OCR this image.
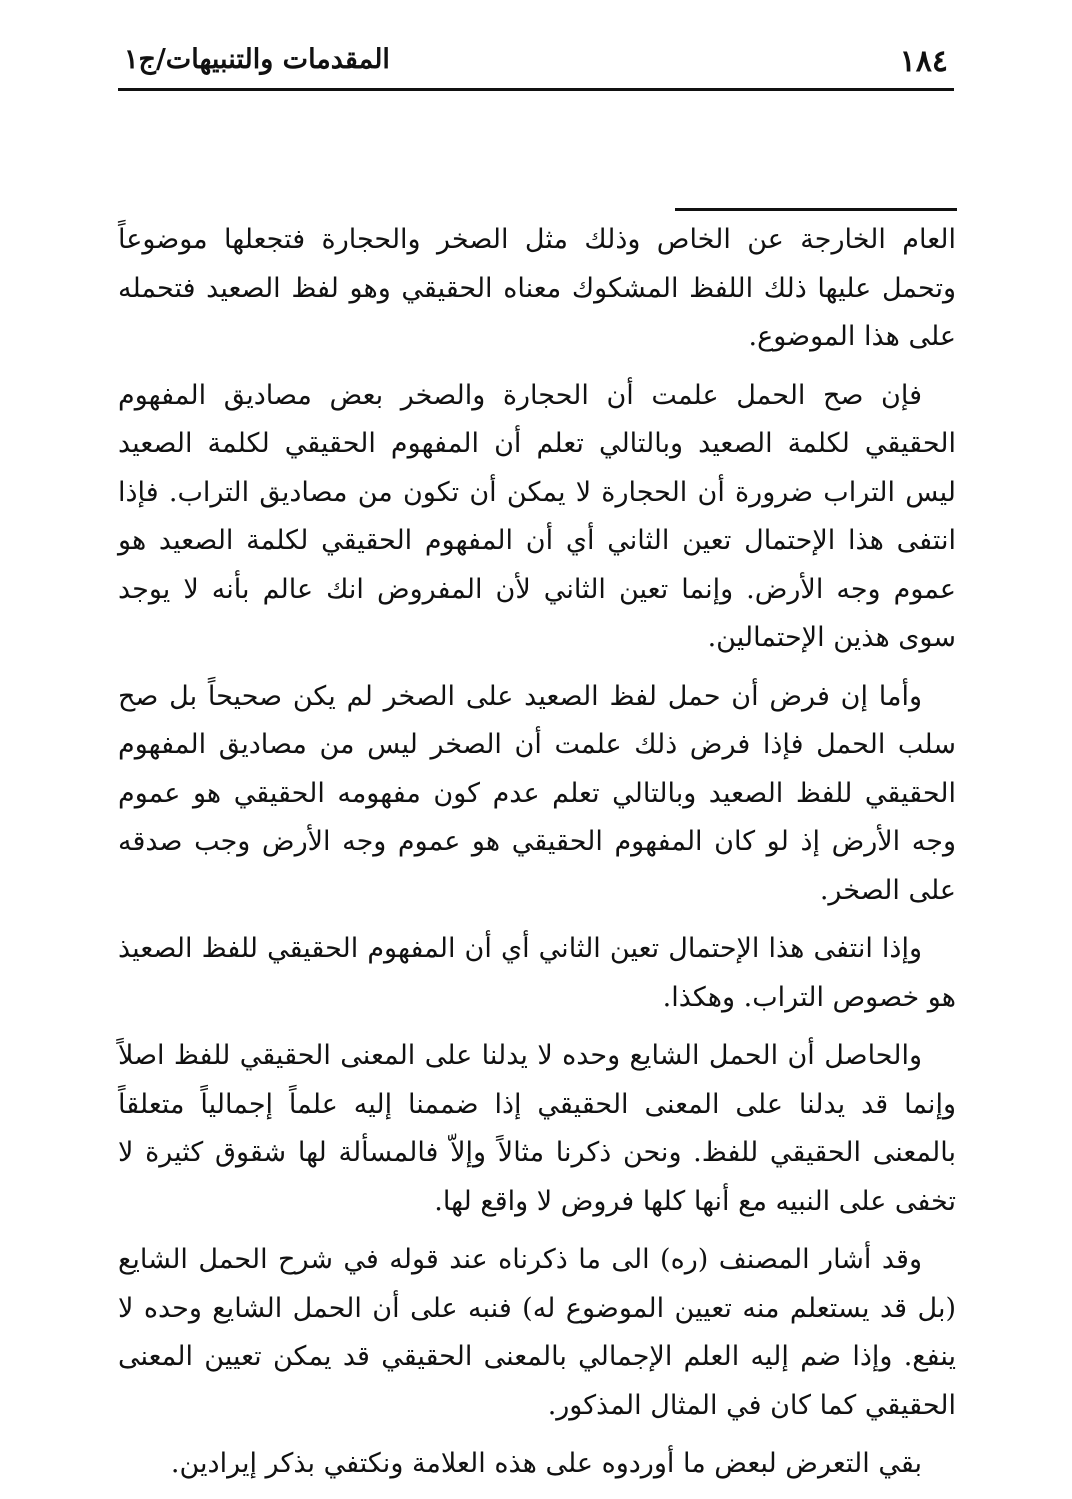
١٨٤
المقدمات والتنبيهات/ج١

العام الخارجة عن الخاص وذلك مثل الصخر والحجارة فتجعلها موضوعاً وتحمل عليها ذلك اللفظ المشكوك معناه الحقيقي وهو لفظ الصعيد فتحمله على هذا الموضوع.

فإن صح الحمل علمت أن الحجارة والصخر بعض مصاديق المفهوم الحقيقي لكلمة الصعيد وبالتالي تعلم أن المفهوم الحقيقي لكلمة الصعيد ليس التراب ضرورة أن الحجارة لا يمكن أن تكون من مصاديق التراب. فإذا انتفى هذا الإحتمال تعين الثاني أي أن المفهوم الحقيقي لكلمة الصعيد هو عموم وجه الأرض. وإنما تعين الثاني لأن المفروض انك عالم بأنه لا يوجد سوى هذين الإحتمالين.

وأما إن فرض أن حمل لفظ الصعيد على الصخر لم يكن صحيحاً بل صح سلب الحمل فإذا فرض ذلك علمت أن الصخر ليس من مصاديق المفهوم الحقيقي للفظ الصعيد وبالتالي تعلم عدم كون مفهومه الحقيقي هو عموم وجه الأرض إذ لو كان المفهوم الحقيقي هو عموم وجه الأرض وجب صدقه على الصخر.

وإذا انتفى هذا الإحتمال تعين الثاني أي أن المفهوم الحقيقي للفظ الصعيذ هو خصوص التراب. وهكذا.

والحاصل أن الحمل الشايع وحده لا يدلنا على المعنى الحقيقي للفظ اصلاً وإنما قد يدلنا على المعنى الحقيقي إذا ضممنا إليه علماً إجمالياً متعلقاً بالمعنى الحقيقي للفظ. ونحن ذكرنا مثالاً وإلاّ فالمسألة لها شقوق كثيرة لا تخفى على النبيه مع أنها كلها فروض لا واقع لها.

وقد أشار المصنف (ره) الى ما ذكرناه عند قوله في شرح الحمل الشايع (بل قد يستعلم منه تعيين الموضوع له) فنبه على أن الحمل الشايع وحده لا ينفع. وإذا ضم إليه العلم الإجمالي بالمعنى الحقيقي قد يمكن تعيين المعنى الحقيقي كما كان في المثال المذكور.

بقي التعرض لبعض ما أوردوه على هذه العلامة ونكتفي بذكر إيرادين.
